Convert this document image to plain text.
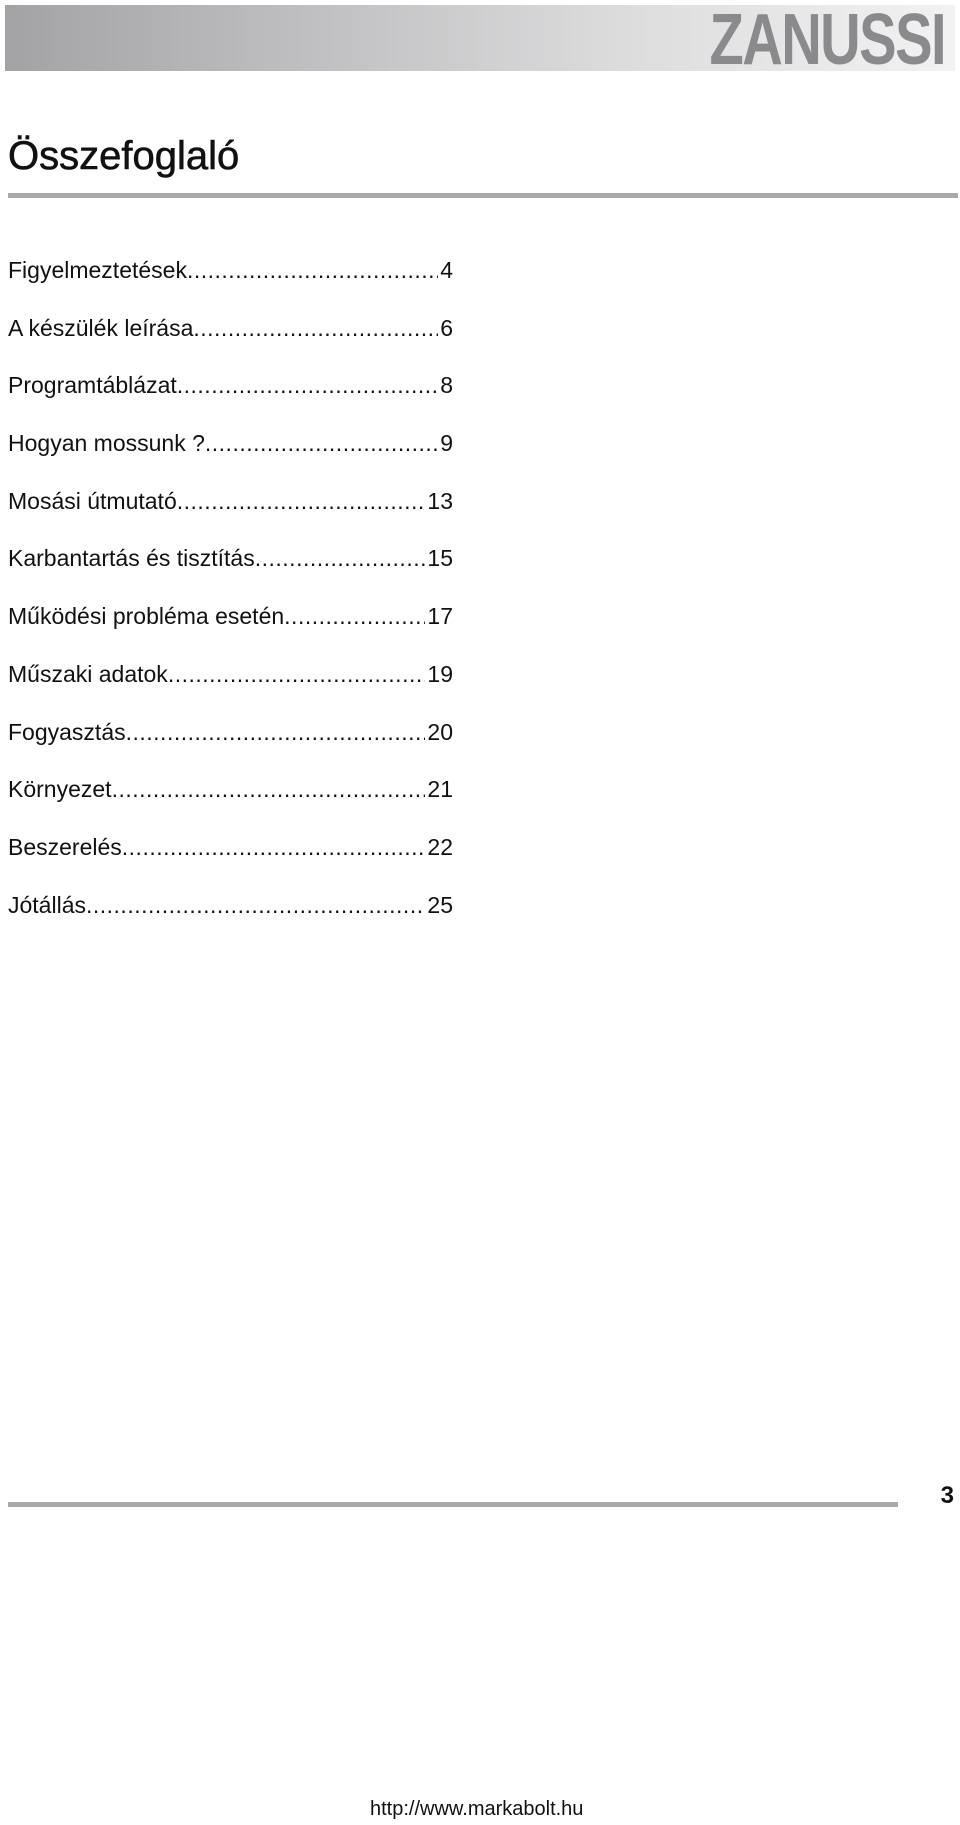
ZANUSSI
Összefoglaló
Figyelmeztetések .....	4
A készülék leírása .....	6
Programtáblázat .....	8
Hogyan mossunk ? .....	9
Mosási útmutató .....	13
Karbantartás és tisztítás .....	15
Működési probléma esetén .....	17
Műszaki adatok .....	19
Fogyasztás .....	20
Környezet .....	21
Beszerelés .....	22
Jótállás .....	25
3
http://www.markabolt.hu
